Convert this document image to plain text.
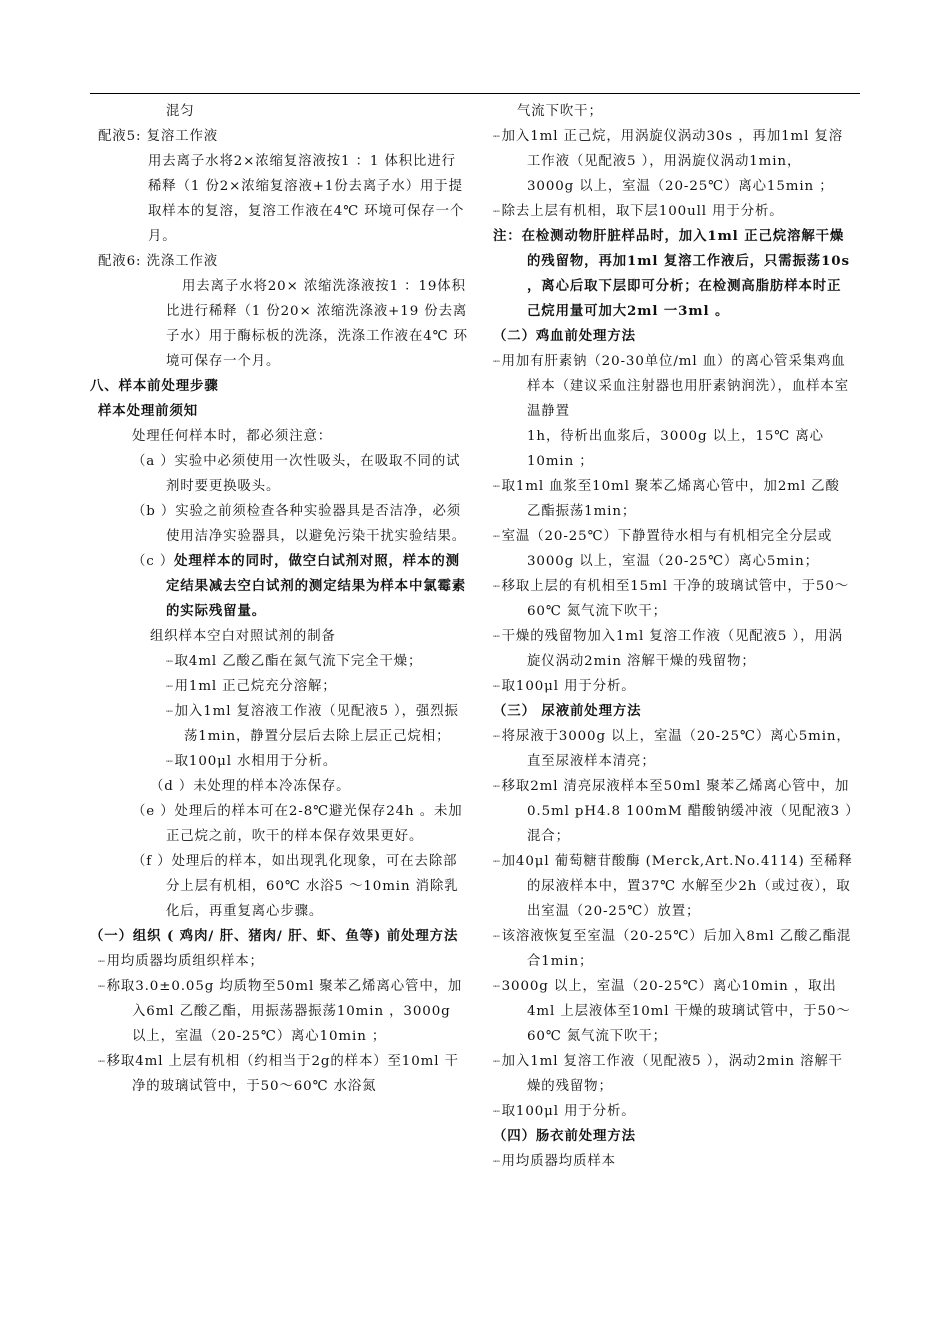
混匀

配液5: 复溶工作液

用去离子水将2×浓缩复溶液按1 ：1 体积比进行稀释（1 份2×浓缩复溶液+1份去离子水）用于提取样本的复溶，复溶工作液在4℃ 环境可保存一个月。

配液6: 洗涤工作液

用去离子水将20× 浓缩洗涤液按1 ：19体积比进行稀释（1 份20× 浓缩洗涤液+19 份去离子水）用于酶标板的洗涤，洗涤工作液在4℃ 环境可保存一个月。

八、样本前处理步骤

样本处理前须知

处理任何样本时，都必须注意：

（a ）实验中必须使用一次性吸头，在吸取不同的试剂时要更换吸头。

（b ）实验之前须检查各种实验器具是否洁净，必须使用洁净实验器具，以避免污染干扰实验结果。

（c ）处理样本的同时，做空白试剂对照，样本的测定结果减去空白试剂的测定结果为样本中氯霉素的实际残留量。

组织样本空白对照试剂的制备

┈ 取4ml 乙酸乙酯在氮气流下完全干燥；

┈ 用1ml 正己烷充分溶解；

┈ 加入1ml 复溶液工作液（见配液5 ），强烈振荡1min，静置分层后去除上层正己烷相；

┈ 取100μl 水相用于分析。

（d ）未处理的样本冷冻保存。

（e ）处理后的样本可在2-8℃避光保存24h 。未加正己烷之前，吹干的样本保存效果更好。

（f ）处理后的样本，如出现乳化现象，可在去除部分上层有机相，60℃ 水浴5 ～10min 消除乳化后，再重复离心步骤。

（一）组织 ( 鸡肉/ 肝、猪肉/ 肝、虾、鱼等) 前处理方法

┈ 用均质器均质组织样本；

┈ 称取3.0±0.05g 均质物至50ml 聚苯乙烯离心管中，加入6ml 乙酸乙酯，用振荡器振荡10min ，3000g 以上，室温（20-25℃）离心10min ；

┈ 移取4ml 上层有机相（约相当于2g的样本）至10ml 干净的玻璃试管中，于50～60℃ 水浴氮

气流下吹干；

┈ 加入1ml 正己烷，用涡旋仪涡动30s ，再加1ml 复溶工作液（见配液5 ），用涡旋仪涡动1min， 3000g 以上，室温（20-25℃）离心15min ；

┈ 除去上层有机相，取下层100ull 用于分析。

注：在检测动物肝脏样品时，加入1ml 正己烷溶解干燥的残留物，再加1ml 复溶工作液后，只需振荡10s ，离心后取下层即可分析；在检测高脂肪样本时正己烷用量可加大2ml 一3ml 。

（二）鸡血前处理方法

┈ 用加有肝素钠（20-30单位/ml 血）的离心管采集鸡血样本（建议采血注射器也用肝素钠润洗），血样本室温静置

1h，待析出血浆后，3000g 以上，15℃ 离心10min ；

┈ 取1ml 血浆至10ml 聚苯乙烯离心管中，加2ml 乙酸乙酯振荡1min；

┈ 室温（20-25℃）下静置待水相与有机相完全分层或3000g 以上，室温（20-25℃）离心5min；

┈ 移取上层的有机相至15ml 干净的玻璃试管中，于50～60℃ 氮气流下吹干；

┈ 干燥的残留物加入1ml 复溶工作液（见配液5 ），用涡旋仪涡动2min 溶解干燥的残留物；

┈ 取100μl 用于分析。

（三） 尿液前处理方法

┈ 将尿液于3000g 以上，室温（20-25℃）离心5min，直至尿液样本清亮；

┈ 移取2ml 清亮尿液样本至50ml 聚苯乙烯离心管中，加0.5ml pH4.8 100mM 醋酸钠缓冲液（见配液3 ）混合；

┈ 加40μl 葡萄糖苷酸酶 (Merck,Art.No.4114) 至稀释的尿液样本中，置37℃ 水解至少2h（或过夜），取出室温（20-25℃）放置；

┈ 该溶液恢复至室温（20-25℃）后加入8ml 乙酸乙酯混合1min；

┈ 3000g 以上，室温（20-25℃）离心10min ，取出4ml 上层液体至10ml 干燥的玻璃试管中，于50～60℃ 氮气流下吹干；

┈ 加入1ml 复溶工作液（见配液5 ），涡动2min 溶解干燥的残留物；

┈ 取100μl 用于分析。

（四）肠衣前处理方法

┈ 用均质器均质样本
